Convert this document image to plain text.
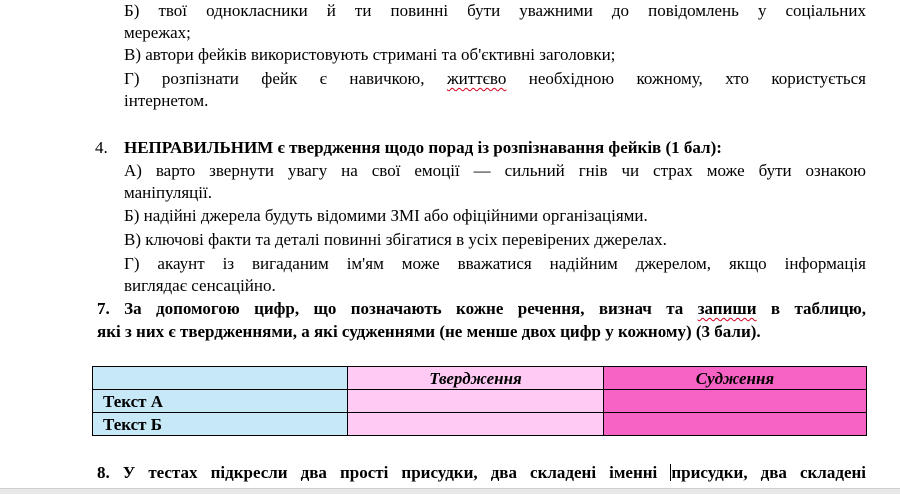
Б) твої однокласники й ти повинні бути уважними до повідомлень у соціальних
мережах;
В) автори фейків використовують стримані та об'єктивні заголовки;
Г) розпізнати фейк є навичкою, життєво необхідною кожному, хто користується
інтернетом.
4. НЕПРАВИЛЬНИМ є твердження щодо порад із розпізнавання фейків (1 бал):
А) варто звернути увагу на свої емоції — сильний гнів чи страх може бути ознакою
маніпуляції.
Б) надійні джерела будуть відомими ЗМІ або офіційними організаціями.
В) ключові факти та деталі повинні збігатися в усіх перевірених джерелах.
Г) акаунт із вигаданим ім'ям може вважатися надійним джерелом, якщо інформація
виглядає сенсаційно.
7. За допомогою цифр, що позначають кожне речення, визнач та запиши в таблицю,
які з них є твердженнями, а які судженнями (не менше двох цифр у кожному) (3 бали).
	Твердження	Судження
Текст А		
Текст Б		
8. У тестах підкресли два прості присудки, два складені іменні присудки, два складені
